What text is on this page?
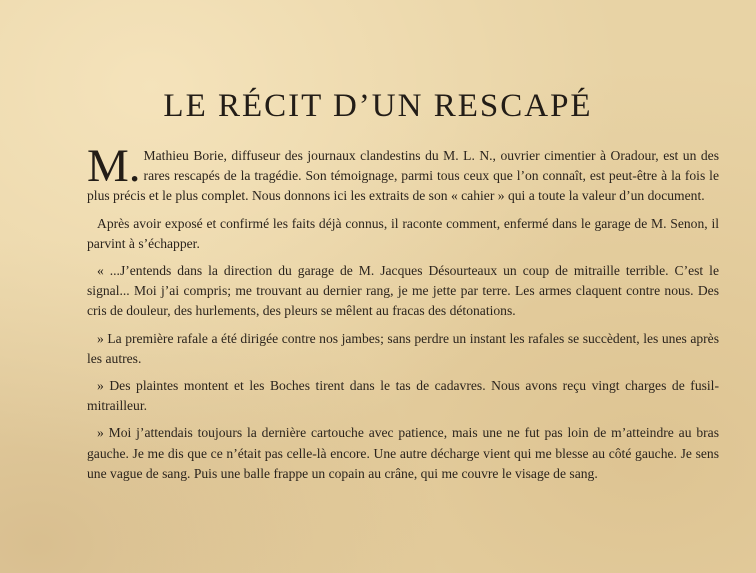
LE RÉCIT D’UN RESCAPÉ

M. Mathieu Borie, diffuseur des journaux clandestins du M. L. N., ouvrier cimentier à Oradour, est un des rares rescapés de la tragédie. Son témoignage, parmi tous ceux que l’on connaît, est peut-être à la fois le plus précis et le plus complet. Nous donnons ici les extraits de son « cahier » qui a toute la valeur d’un document.

Après avoir exposé et confirmé les faits déjà connus, il raconte comment, enfermé dans le garage de M. Senon, il parvint à s’échapper.

« ...J’entends dans la direction du garage de M. Jacques Désourteaux un coup de mitraille terrible. C’est le signal... Moi j’ai compris; me trouvant au dernier rang, je me jette par terre. Les armes claquent contre nous. Des cris de douleur, des hurlements, des pleurs se mêlent au fracas des détonations.

» La première rafale a été dirigée contre nos jambes; sans perdre un instant les rafales se succèdent, les unes après les autres.

» Des plaintes montent et les Boches tirent dans le tas de cadavres. Nous avons reçu vingt charges de fusil-mitrailleur.

» Moi j’attendais toujours la dernière cartouche avec patience, mais une ne fut pas loin de m’atteindre au bras gauche. Je me dis que ce n’était pas celle-là encore. Une autre décharge vient qui me blesse au côté gauche. Je sens une vague de sang. Puis une balle frappe un copain au crâne, qui me couvre le visage de sang.
